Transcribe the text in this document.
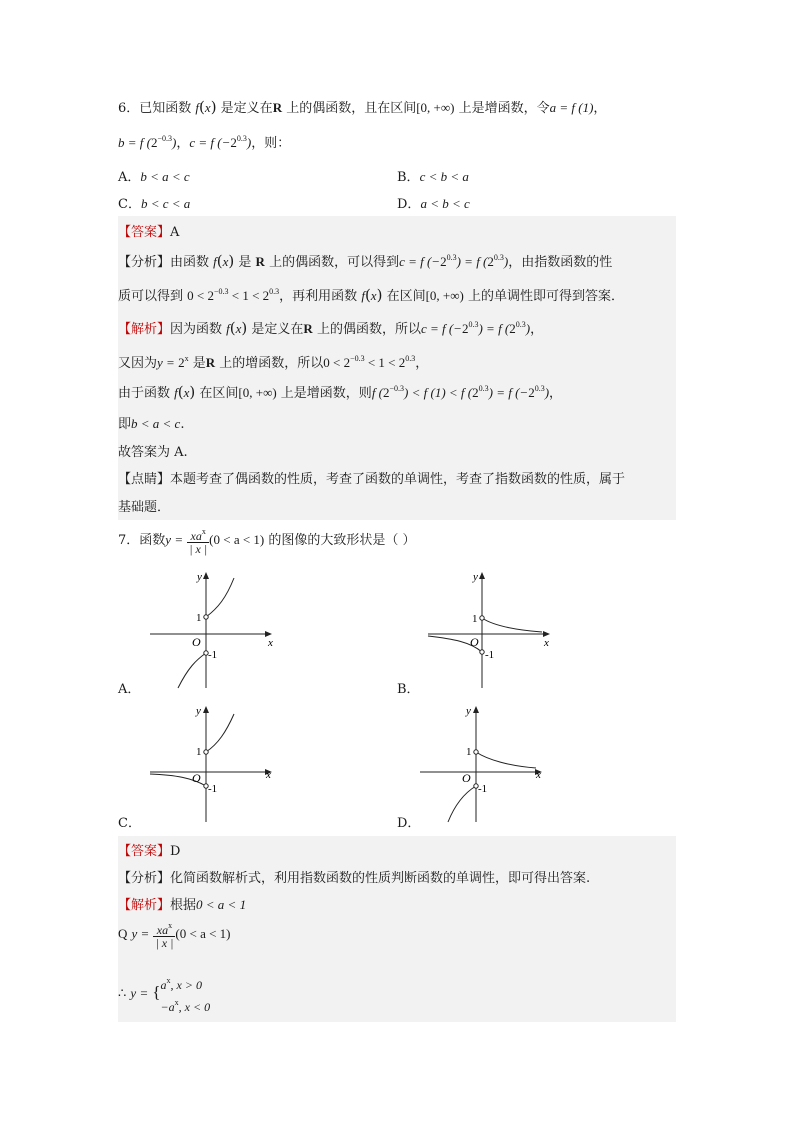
6．已知函数 f(x) 是定义在R 上的偶函数，且在区间[0, +∞) 上是增函数，令a = f (1)，
b = f $(2^{-0.3})$，c = f $(-2^{0.3})$，则：
A．b < a < c	B．c < b < a
C．b < c < a	D．a < b < c
【答案】A
【分析】由函数 f(x) 是 R 上的偶函数，可以得到c = f $(-2^{0.3}) = f$ $(2^{0.3})$，由指数函数的性
质可以得到 $0 < 2^{-0.3} < 1 < 2^{0.3}$，再利用函数 f(x) 在区间[0, +∞) 上的单调性即可得到答案．
【解析】因为函数 f(x) 是定义在R 上的偶函数，所以c = f $(-2^{0.3}) = f$ $(2^{0.3})$，
又因为$y = 2^x$ 是R 上的增函数，所以$0 < 2^{-0.3} < 1 < 2^{0.3}$，
由于函数 f(x) 在区间[0, +∞) 上是增函数，则f $(2^{-0.3}) < f$ (1) < f $(2^{0.3}) = f$ $(-2^{0.3})$，
即b < a < c.
故答案为 A.
【点睛】本题考查了偶函数的性质，考查了函数的单调性，考查了指数函数的性质，属于
基础题．
7．函数$y = \frac{xa^x}{| x |} (0 < a < 1)$ 的图像的大致形状是（ ）
y
x
O
1
-1
A．
y
x
O
1
-1
B．
y
x
O
1
-1
C．
y
x
O
1
-1
D．
【答案】D
【分析】化简函数解析式，利用指数函数的性质判断函数的单调性，即可得出答案.
【解析】根据0 < a < 1
Q $y = \frac{xa^x}{| x |} (0 < a < 1)$
∴ y = { $a^x$, x > 0
$-a^x$, x < 0
